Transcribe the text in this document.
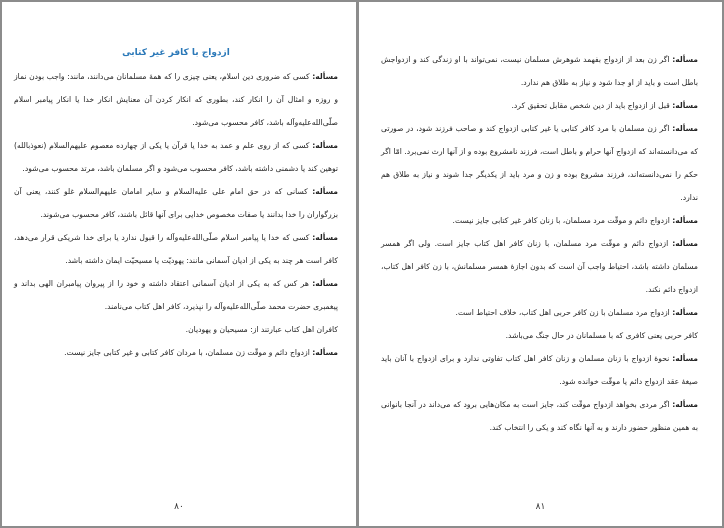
ازدواج با کافر غیر کتابی

مسأله: کسی که ضروری دین اسلام، یعنی چیزی را که همهٔ مسلمانان می‌دانند، مانند: واجب بودن نماز و روزه و امثال آن را انکار کند، بطوری که انکار کردن آن معنایش انکار خدا یا انکار پیامبر اسلام صلّی‌الله‌علیه‌وآله باشد، کافر محسوب می‌شود.

مسأله: کسی که از روی علم و عمد به خدا یا قرآن یا یکی از چهارده معصوم علیهم‌السلام (نعوذبالله) توهین کند یا دشمنی داشته باشد، کافر محسوب می‌شود و اگر مسلمان باشد، مرتد محسوب می‌شود.

مسأله: کسانی که در حق امام علی علیه‌السلام و سایر امامان علیهم‌السلام غلو کنند، یعنی آن بزرگواران را خدا بدانند یا صفات مخصوص خدایی برای آنها قائل باشند، کافر محسوب می‌شوند.

مسأله: کسی که خدا یا پیامبر اسلام صلّی‌الله‌علیه‌وآله را قبول ندارد یا برای خدا شریکی قرار می‌دهد، کافر است هر چند به یکی از ادیان آسمانی مانند: یهودیّت یا مسیحیّت ایمان داشته باشد.

مسأله: هر کس که به یکی از ادیان آسمانی اعتقاد داشته و خود را از پیروان پیامبران الهی بداند و پیغمبری حضرت محمد صلّی‌الله‌علیه‌وآله را نپذیرد، کافر اهل کتاب می‌نامند.

کافران اهل کتاب عبارتند از: مسیحیان و یهودیان.

مسأله: ازدواج دائم و موقّت زن مسلمان، با مردان کافر کتابی و غیر کتابی جایز نیست.

٨٠

مسأله: اگر زن بعد از ازدواج بفهمد شوهرش مسلمان نیست، نمی‌تواند با او زندگی کند و ازدواجش باطل است و باید از او جدا شود و نیاز به طلاق هم ندارد.

مسأله: قبل از ازدواج باید از دین شخص مقابل تحقیق کرد.

مسأله: اگر زن مسلمان با مرد کافر کتابی یا غیر کتابی ازدواج کند و صاحب فرزند شود، در صورتی که می‌دانسته‌اند که ازدواج آنها حرام و باطل است، فرزند نامشروع بوده و از آنها ارث نمی‌برد. امّا اگر حکم را نمی‌دانسته‌اند، فرزند مشروع بوده و زن و مرد باید از یکدیگر جدا شوند و نیاز به طلاق هم ندارد.

مسأله: ازدواج دائم و موقّت مرد مسلمان، با زنان کافر غیر کتابی جایز نیست.

مسأله: ازدواج دائم و موقّت مرد مسلمان، با زنان کافر اهل کتاب جایز است. ولی اگر همسر مسلمان داشته باشد، احتیاط واجب آن است که بدون اجازهٔ همسر مسلمانش، با زن کافر اهل کتاب، ازدواج دائم نکند.

مسأله: ازدواج مرد مسلمان با زن کافر حربی اهل کتاب، خلاف احتیاط است.

کافر حربی یعنی کافری که با مسلمانان در حال جنگ می‌باشد.

مسأله: نحوهٔ ازدواج با زنان مسلمان و زنان کافر اهل کتاب تفاوتی ندارد و برای ازدواج با آنان باید صیغهٔ عقد ازدواج دائم یا موقّت خوانده شود.

مسأله: اگر مردی بخواهد ازدواج موقّت کند، جایز است به مکان‌هایی برود که می‌داند در آنجا بانوانی به همین منظور حضور دارند و به آنها نگاه کند و یکی را انتخاب کند.

٨١
